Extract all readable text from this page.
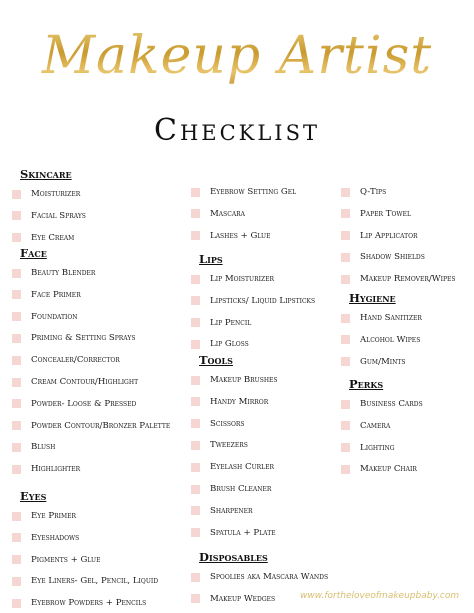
Makeup Artist
Checklist
Skincare
Moisturizer
Facial Sprays
Eye Cream
Face
Beauty Blender
Face Primer
Foundation
Priming & Setting Sprays
Concealer/Corrector
Cream Contour/Highlight
Powder- Loose & Pressed
Powder Contour/Bronzer Palette
Blush
Highlighter
Eyes
Eye Primer
Eyeshadows
Pigments + Glue
Eye Liners- Gel, Pencil, Liquid
Eyebrow Powders + Pencils
Eyebrow Setting Gel
Mascara
Lashes + Glue
Lips
Lip Moisturizer
Lipsticks/ Liquid Lipsticks
Lip Pencil
Lip Gloss
Tools
Makeup Brushes
Handy Mirror
Scissors
Tweezers
Eyelash Curler
Brush Cleaner
Sharpener
Spatula + Plate
Disposables
Spoolies aka Mascara Wands
Makeup Wedges
Q-Tips
Paper Towel
Lip Applicator
Shadow Shields
Makeup Remover/Wipes
Hygiene
Hand Sanitizer
Alcohol Wipes
Gum/Mints
Perks
Business Cards
Camera
Lighting
Makeup Chair
www.fortheloveofmakeupbaby.com
